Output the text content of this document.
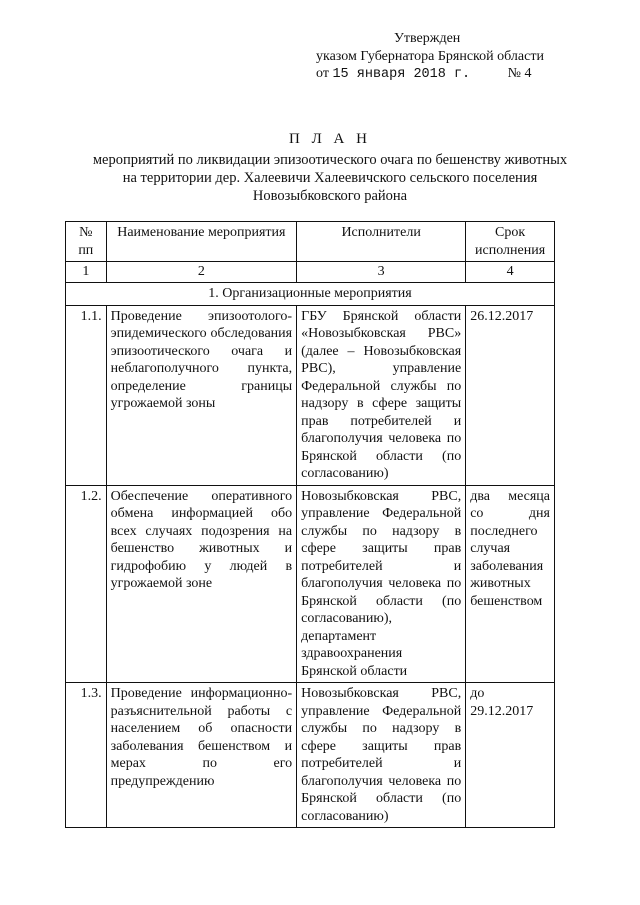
Утвержден
указом Губернатора Брянской области
от 15 января 2018 г.	№ 4
П Л А Н
мероприятий по ликвидации эпизоотического очага по бешенству животных
на территории дер. Халеевичи Халеевичского сельского поселения
Новозыбковского района
№ пп	Наименование мероприятия	Исполнители	Срок исполнения
1	2	3	4
1. Организационные мероприятия			
1.1.	Проведение эпизоотолого-эпидемического обследования эпизоотического очага и неблагополучного пункта, определение границы угрожаемой зоны	ГБУ Брянской области «Новозыбковская РВС» (далее – Новозыбковская РВС), управление Федеральной службы по надзору в сфере защиты прав потребителей и благополучия человека по Брянской области (по согласованию)	26.12.2017
1.2.	Обеспечение оперативного обмена информацией обо всех случаях подозрения на бешенство животных и гидрофобию у людей в угрожаемой зоне	Новозыбковская РВС, управление Федеральной службы по надзору в сфере защиты прав потребителей и благополучия человека по Брянской области (по согласованию), департамент здравоохранения Брянской области	два месяца со дня последнего случая заболевания животных бешенством
1.3.	Проведение информационно-разъяснительной работы с населением об опасности заболевания бешенством и мерах по его предупреждению	Новозыбковская РВС, управление Федеральной службы по надзору в сфере защиты прав потребителей и благополучия человека по Брянской области (по согласованию)	до 29.12.2017
